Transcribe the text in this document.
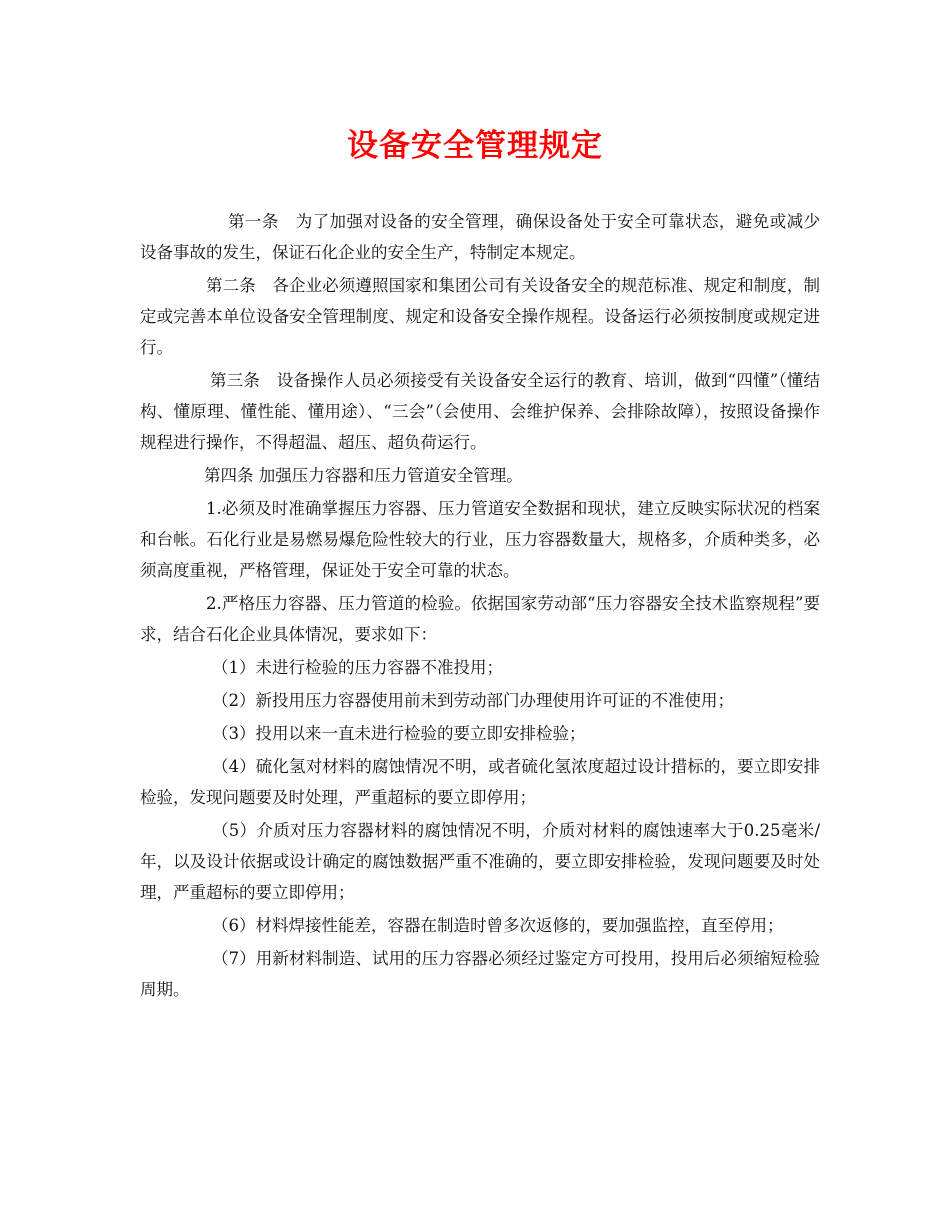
设备安全管理规定

第一条　为了加强对设备的安全管理，确保设备处于安全可靠状态，避免或减少设备事故的发生，保证石化企业的安全生产，特制定本规定。

第二条　各企业必须遵照国家和集团公司有关设备安全的规范标准、规定和制度，制定或完善本单位设备安全管理制度、规定和设备安全操作规程。设备运行必须按制度或规定进行。

第三条　设备操作人员必须接受有关设备安全运行的教育、培训，做到“四懂”（懂结构、懂原理、懂性能、懂用途）、“三会”（会使用、会维护保养、会排除故障），按照设备操作规程进行操作，不得超温、超压、超负荷运行。

第四条 加强压力容器和压力管道安全管理。

1.必须及时准确掌握压力容器、压力管道安全数据和现状，建立反映实际状况的档案和台帐。石化行业是易燃易爆危险性较大的行业，压力容器数量大，规格多，介质种类多，必须高度重视，严格管理，保证处于安全可靠的状态。

2.严格压力容器、压力管道的检验。依据国家劳动部“压力容器安全技术监察规程”要求，结合石化企业具体情况，要求如下：

（1）未进行检验的压力容器不准投用；

（2）新投用压力容器使用前未到劳动部门办理使用许可证的不准使用；

（3）投用以来一直未进行检验的要立即安排检验；

（4）硫化氢对材料的腐蚀情况不明，或者硫化氢浓度超过设计措标的，要立即安排检验，发现问题要及时处理，严重超标的要立即停用；

（5）介质对压力容器材料的腐蚀情况不明，介质对材料的腐蚀速率大于0.25毫米/年，以及设计依据或设计确定的腐蚀数据严重不准确的，要立即安排检验，发现问题要及时处理，严重超标的要立即停用；

（6）材料焊接性能差，容器在制造时曾多次返修的，要加强监控，直至停用；

（7）用新材料制造、试用的压力容器必须经过鉴定方可投用，投用后必须缩短检验周期。
